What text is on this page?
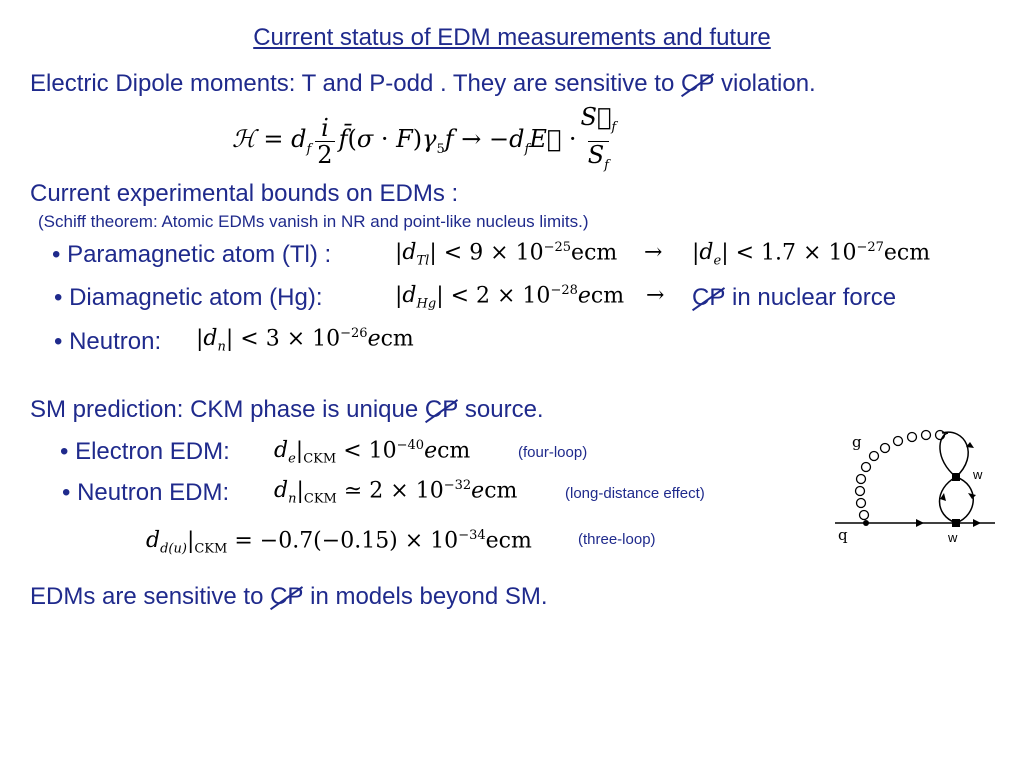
Current status of EDM measurements and future
Electric Dipole moments: T and P-odd . They are sensitive to CP violation.
ℋ = $d_f$
i
2
f̄(σ · $F)\gamma_5f$ → $-d_fE⃗$ ·
$S⃗_f$
$S_f$
Current experimental bounds on EDMs :
(Schiff theorem: Atomic EDMs vanish in NR and point-like nucleus limits.)
• Paramagnetic atom (Tl) :	$|d_{Tl}| < 9 \times 10^{-25}ecm \to |d_e| < 1.7 \times 10^{-27}ecm$
• Diamagnetic atom (Hg):	$|d_{Hg}| < 2 \times 10^{-28}ecm$ → CP in nuclear force
• Neutron: $|d_n| < 3 \times 10^{-26}ecm$
SM prediction: CKM phase is unique CP source.
• Electron EDM: $d_e|_{CKM} < 10^{-40}ecm$	(four-loop)
• Neutron EDM: $d_n|_{CKM}$ ≃ $2 \times 10^{-32}ecm$	(long-distance effect)
$d_{d(u)}|_{CKM} = -0.7(-0.15) \times 10^{-34}ecm$	(three-loop)
EDMs are sensitive to CP in models beyond SM.
g
q
w
w
